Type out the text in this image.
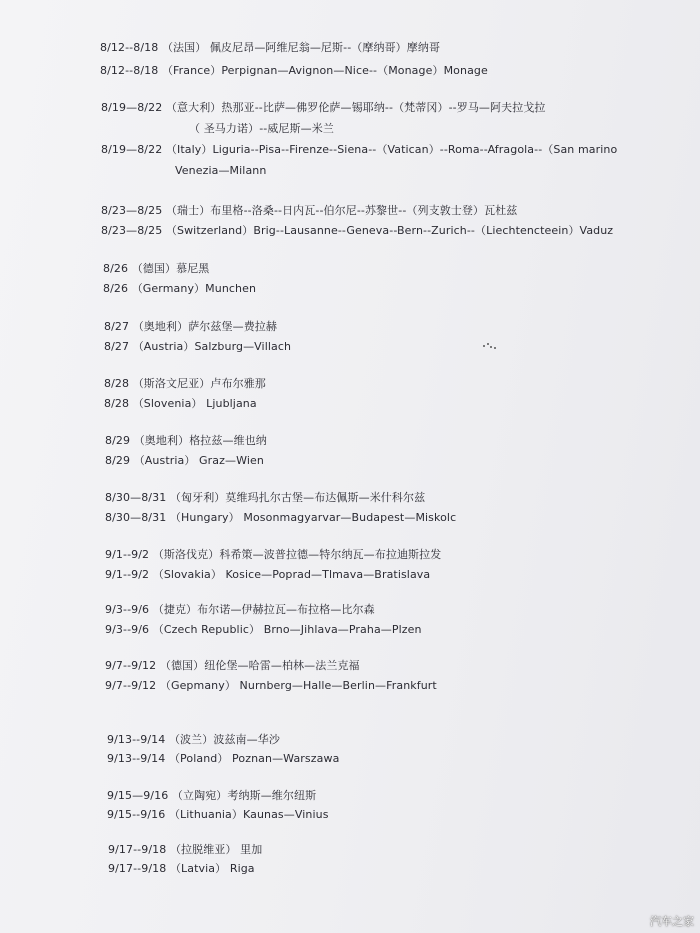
8/12--8/18 （法国） 佩皮尼昂—阿维尼翁—尼斯--（摩纳哥）摩纳哥
8/12--8/18 （France）Perpignan—Avignon—Nice--（Monage）Monage
8/19—8/22 （意大利）热那亚--比萨—佛罗伦萨—锡耶纳--（梵蒂冈）--罗马—阿夫拉戈拉
（ 圣马力诺）--威尼斯—米兰
8/19—8/22 （Italy）Liguria--Pisa--Firenze--Siena--（Vatican）--Roma--Afragola--（San marino
Venezia—Milann
8/23—8/25 （瑞士）布里格--洛桑--日内瓦--伯尔尼--苏黎世--（列支敦士登）瓦杜兹
8/23—8/25 （Switzerland）Brig--Lausanne--Geneva--Bern--Zurich--（Liechtencteein）Vaduz
8/26 （德国）慕尼黑
8/26 （Germany）Munchen
8/27 （奥地利）萨尔兹堡—费拉赫
8/27 （Austria）Salzburg—Villach
8/28 （斯洛文尼亚）卢布尔雅那
8/28 （Slovenia） Ljubljana
8/29 （奥地利）格拉兹—维也纳
8/29 （Austria） Graz—Wien
8/30—8/31 （匈牙利）莫维玛扎尔古堡—布达佩斯—米什科尔兹
8/30—8/31 （Hungary） Mosonmagyarvar—Budapest—Miskolc
9/1--9/2 （斯洛伐克）科希策—波普拉德—特尔纳瓦—布拉迪斯拉发
9/1--9/2 （Slovakia） Kosice—Poprad—Tlmava—Bratislava
9/3--9/6 （捷克）布尔诺—伊赫拉瓦—布拉格—比尔森
9/3--9/6 （Czech Republic） Brno—Jihlava—Praha—Plzen
9/7--9/12 （德国）纽伦堡—哈雷—柏林—法兰克福
9/7--9/12 （Gepmany） Nurnberg—Halle—Berlin—Frankfurt
9/13--9/14 （波兰）波兹南—华沙
9/13--9/14 （Poland） Poznan—Warszawa
9/15—9/16 （立陶宛）考纳斯—维尔纽斯
9/15--9/16 （Lithuania）Kaunas—Vinius
9/17--9/18 （拉脱维亚） 里加
9/17--9/18 （Latvia） Riga
汽车之家
